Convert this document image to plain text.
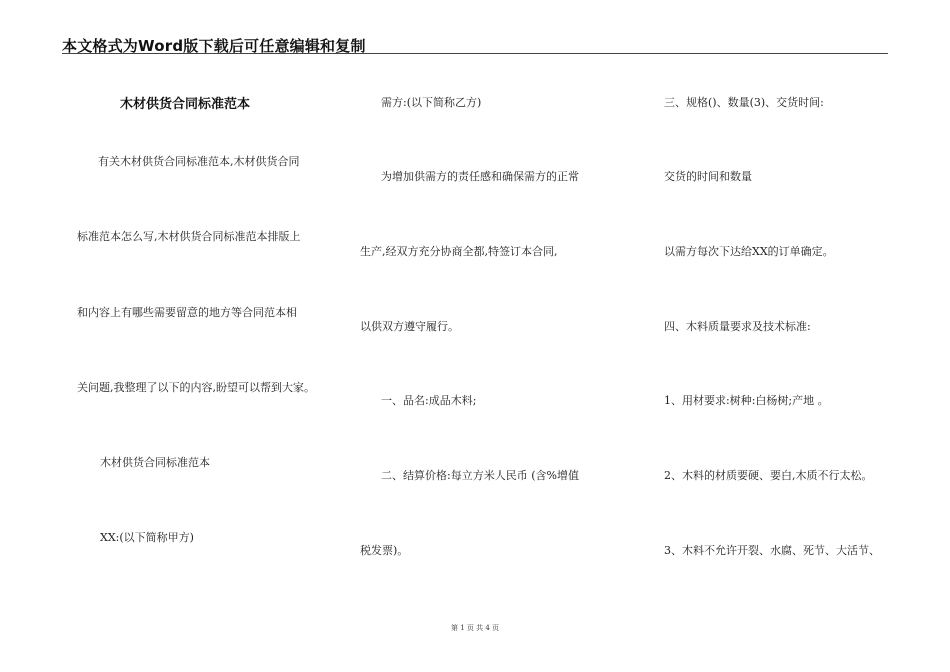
本文格式为Word版下载后可任意编辑和复制
木材供货合同标准范本
有关木材供货合同标准范本,木材供货合同
标准范本怎么写,木材供货合同标准范本排版上
和内容上有哪些需要留意的地方等合同范本相
关问题,我整理了以下的内容,盼望可以帮到大家。
木材供货合同标准范本
XX:(以下简称甲方)
需方:(以下简称乙方)
为增加供需方的责任感和确保需方的正常
生产,经双方充分协商全都,特签订本合同,
以供双方遵守履行。
一、品名:成品木料;
二、结算价格:每立方米人民币 (含%增值
税发票)。
三、规格()、数量(3)、交货时间:
交货的时间和数量
以需方每次下达给XX的订单确定。
四、木料质量要求及技术标准:
1、用材要求:树种:白杨树;产地 。
2、木料的材质要硬、要白,木质不行太松。
3、木料不允许开裂、水腐、死节、大活节、
第 1 页 共 4 页
